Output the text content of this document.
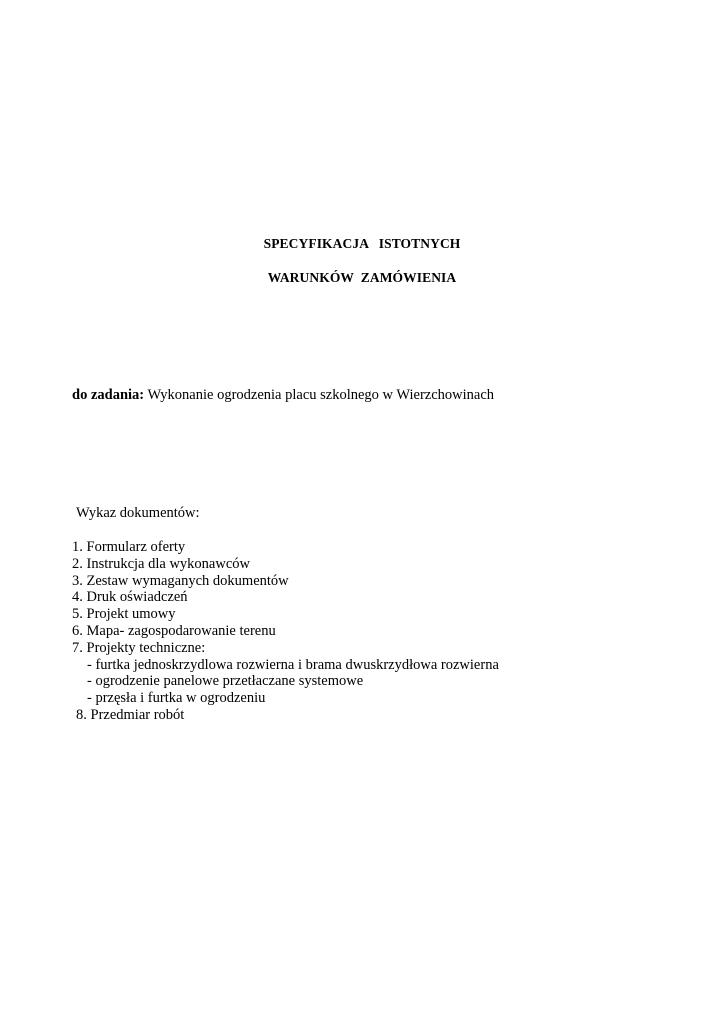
SPECYFIKACJA   ISTOTNYCH
WARUNKÓW  ZAMÓWIENIA
do zadania: Wykonanie ogrodzenia placu szkolnego w Wierzchowinach
Wykaz dokumentów:
1. Formularz oferty
2. Instrukcja dla wykonawców
3. Zestaw wymaganych dokumentów
4. Druk oświadczeń
5. Projekt umowy
6. Mapa- zagospodarowanie terenu
7. Projekty techniczne:
- furtka jednoskrzydlowa rozwierna i brama dwuskrzydłowa rozwierna
- ogrodzenie panelowe przetłaczane systemowe
- przęsła i furtka w ogrodzeniu
8. Przedmiar robót
